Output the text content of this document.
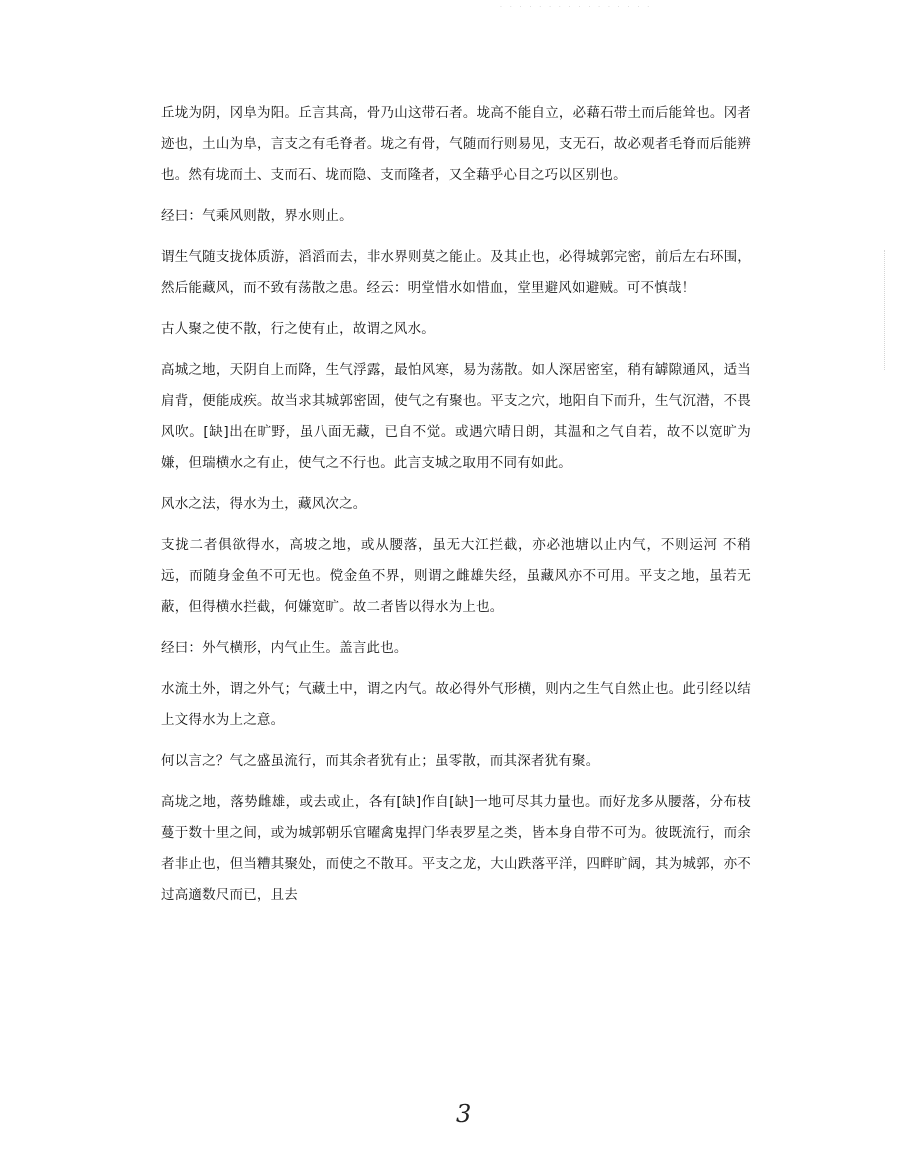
· · · · · · · · · · · · · · · ·

丘垅为阴，冈阜为阳。丘言其高，骨乃山这带石者。垅高不能自立，必藉石带土而后能耸也。冈者迹也，土山为阜，言支之有毛脊者。垅之有骨，气随而行则易见，支无石，故必观者毛脊而后能辨也。然有垅而土、支而石、垅而隐、支而隆者，又全藉乎心目之巧以区别也。

经曰：气乘风则散，界水则止。

谓生气随支拢体质游，滔滔而去，非水界则莫之能止。及其止也，必得城郭完密，前后左右环围，然后能藏风，而不致有荡散之患。经云：明堂惜水如惜血，堂里避风如避贼。可不慎哉！

古人聚之使不散，行之使有止，故谓之风水。

高城之地，天阴自上而降，生气浮露，最怕风寒，易为荡散。如人深居密室，稍有罅隙通风，适当肩背，便能成疾。故当求其城郭密固，使气之有聚也。平支之穴，地阳自下而升，生气沉潜，不畏风吹。[缺]出在旷野，虽八面无藏，已自不觉。或遇穴晴日朗，其温和之气自若，故不以宽旷为嫌，但瑞横水之有止，使气之不行也。此言支城之取用不同有如此。

风水之法，得水为土，藏风次之。

支拢二者俱欲得水，高坡之地，或从腰落，虽无大江拦截，亦必池塘以止内气，不则运河 不稍远，而随身金鱼不可无也。傥金鱼不界，则谓之雌雄失经，虽藏风亦不可用。平支之地，虽若无蔽，但得横水拦截，何嫌宽旷。故二者皆以得水为上也。

经曰：外气横形，内气止生。盖言此也。

水流土外，谓之外气；气藏土中，谓之内气。故必得外气形横，则内之生气自然止也。此引经以结上文得水为上之意。

何以言之？气之盛虽流行，而其余者犹有止；虽零散，而其深者犹有聚。

高垅之地，落势雌雄，或去或止，各有[缺]作自[缺]一地可尽其力量也。而好龙多从腰落，分布枝蔓于数十里之间，或为城郭朝乐官曜禽鬼捍门华表罗星之类，皆本身自带不可为。彼既流行，而余者非止也，但当糟其聚处，而使之不散耳。平支之龙，大山跌落平洋，四畔旷阔，其为城郭，亦不过高適数尺而已，且去

3
